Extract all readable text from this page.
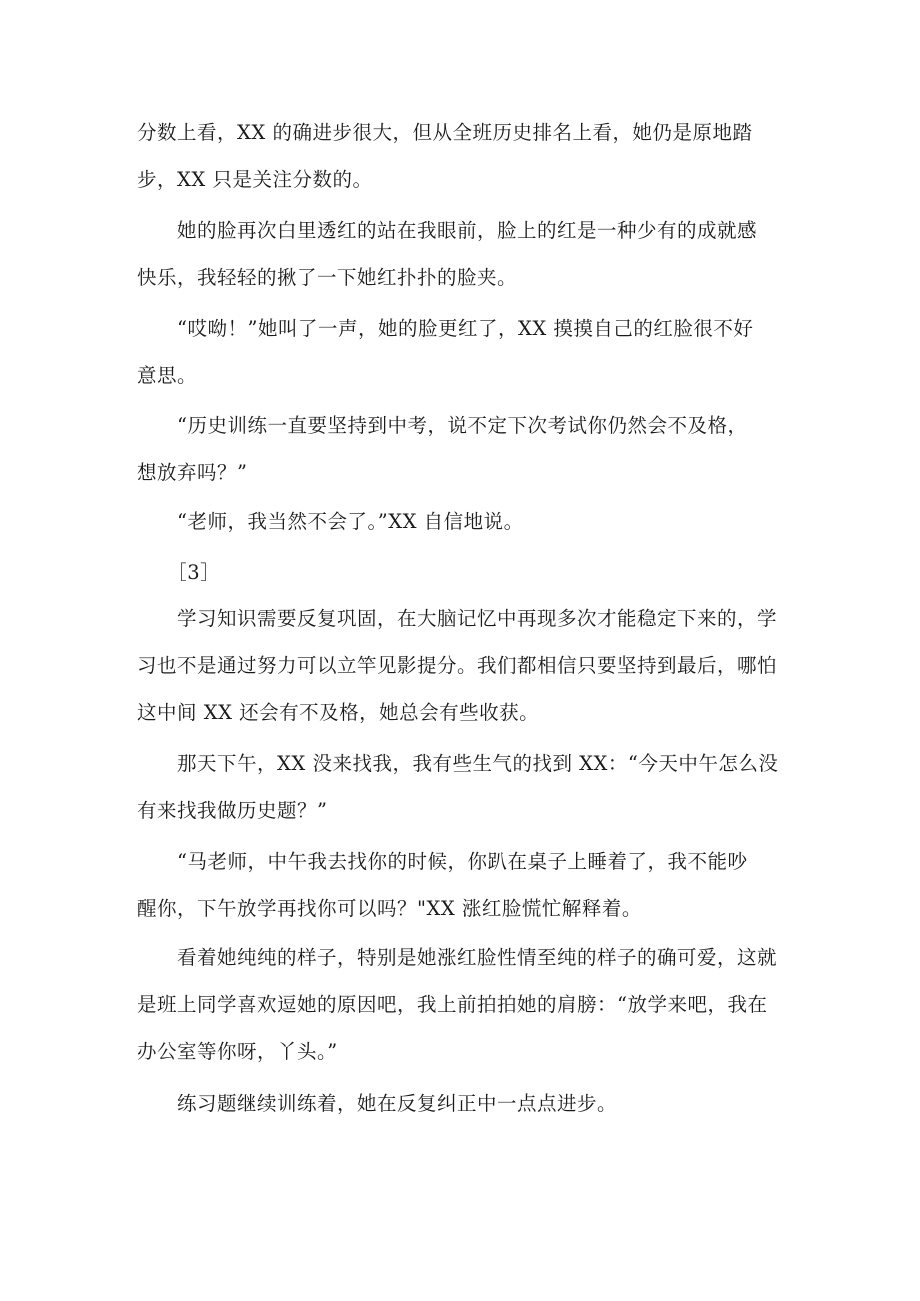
分数上看，XX 的确进步很大，但从全班历史排名上看，她仍是原地踏
步，XX 只是关注分数的。

　　她的脸再次白里透红的站在我眼前，脸上的红是一种少有的成就感
快乐，我轻轻的揪了一下她红扑扑的脸夹。

　　“哎呦！”她叫了一声，她的脸更红了，XX 摸摸自己的红脸很不好
意思。

　　“历史训练一直要坚持到中考，说不定下次考试你仍然会不及格，
想放弃吗？”

　　“老师，我当然不会了。”XX 自信地说。

　　［3］

　　学习知识需要反复巩固，在大脑记忆中再现多次才能稳定下来的，学
习也不是通过努力可以立竿见影提分。我们都相信只要坚持到最后，哪怕
这中间 XX 还会有不及格，她总会有些收获。

　　那天下午，XX 没来找我，我有些生气的找到 XX：“今天中午怎么没
有来找我做历史题？”

　　“马老师，中午我去找你的时候，你趴在桌子上睡着了，我不能吵
醒你，下午放学再找你可以吗？"XX 涨红脸慌忙解释着。

　　看着她纯纯的样子，特别是她涨红脸性情至纯的样子的确可爱，这就
是班上同学喜欢逗她的原因吧，我上前拍拍她的肩膀：“放学来吧，我在
办公室等你呀，丫头。”

　　练习题继续训练着，她在反复纠正中一点点进步。
